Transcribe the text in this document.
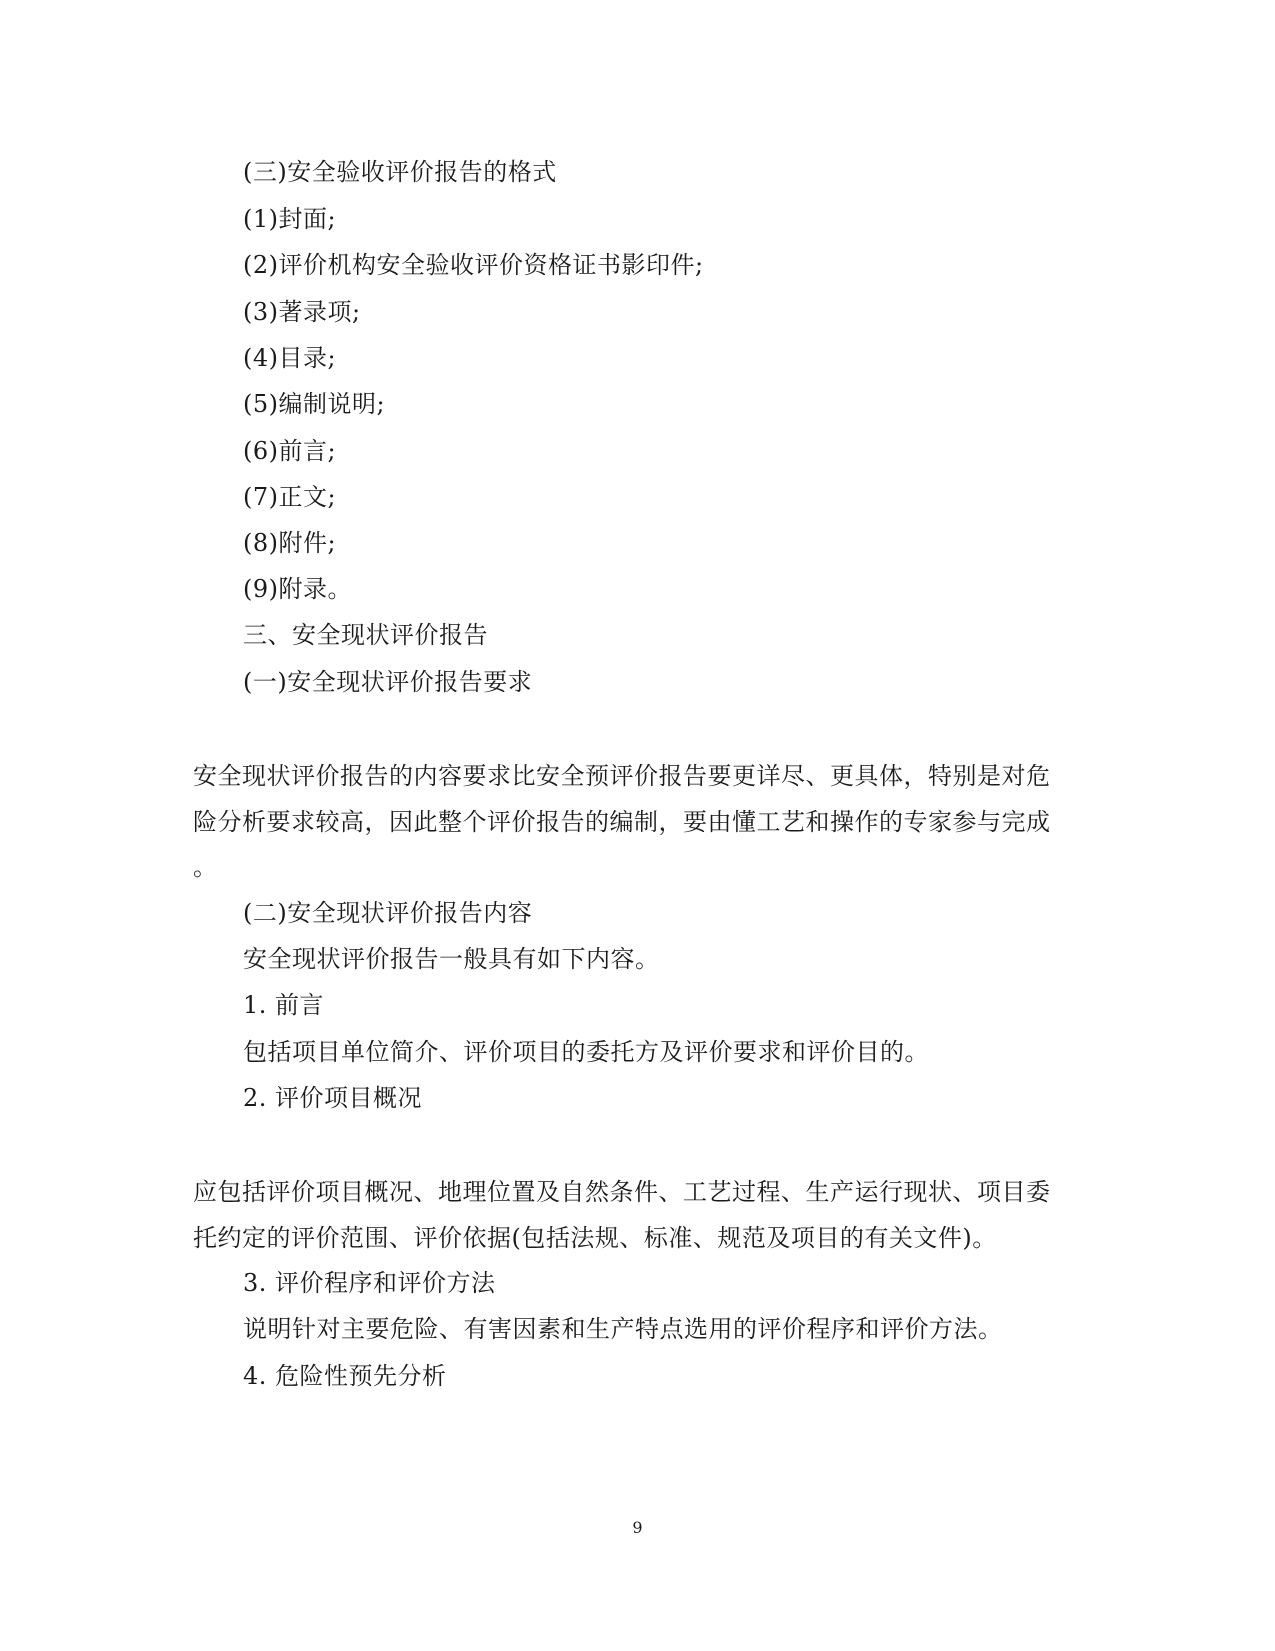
(三)安全验收评价报告的格式
(1)封面;
(2)评价机构安全验收评价资格证书影印件;
(3)著录项;
(4)目录;
(5)编制说明;
(6)前言;
(7)正文;
(8)附件;
(9)附录。
三、安全现状评价报告
(一)安全现状评价报告要求
安全现状评价报告的内容要求比安全预评价报告要更详尽、更具体，特别是对危
险分析要求较高，因此整个评价报告的编制，要由懂工艺和操作的专家参与完成
。
(二)安全现状评价报告内容
安全现状评价报告一般具有如下内容。
1. 前言
包括项目单位简介、评价项目的委托方及评价要求和评价目的。
2. 评价项目概况
应包括评价项目概况、地理位置及自然条件、工艺过程、生产运行现状、项目委
托约定的评价范围、评价依据(包括法规、标准、规范及项目的有关文件)。
3. 评价程序和评价方法
说明针对主要危险、有害因素和生产特点选用的评价程序和评价方法。
4. 危险性预先分析
9
